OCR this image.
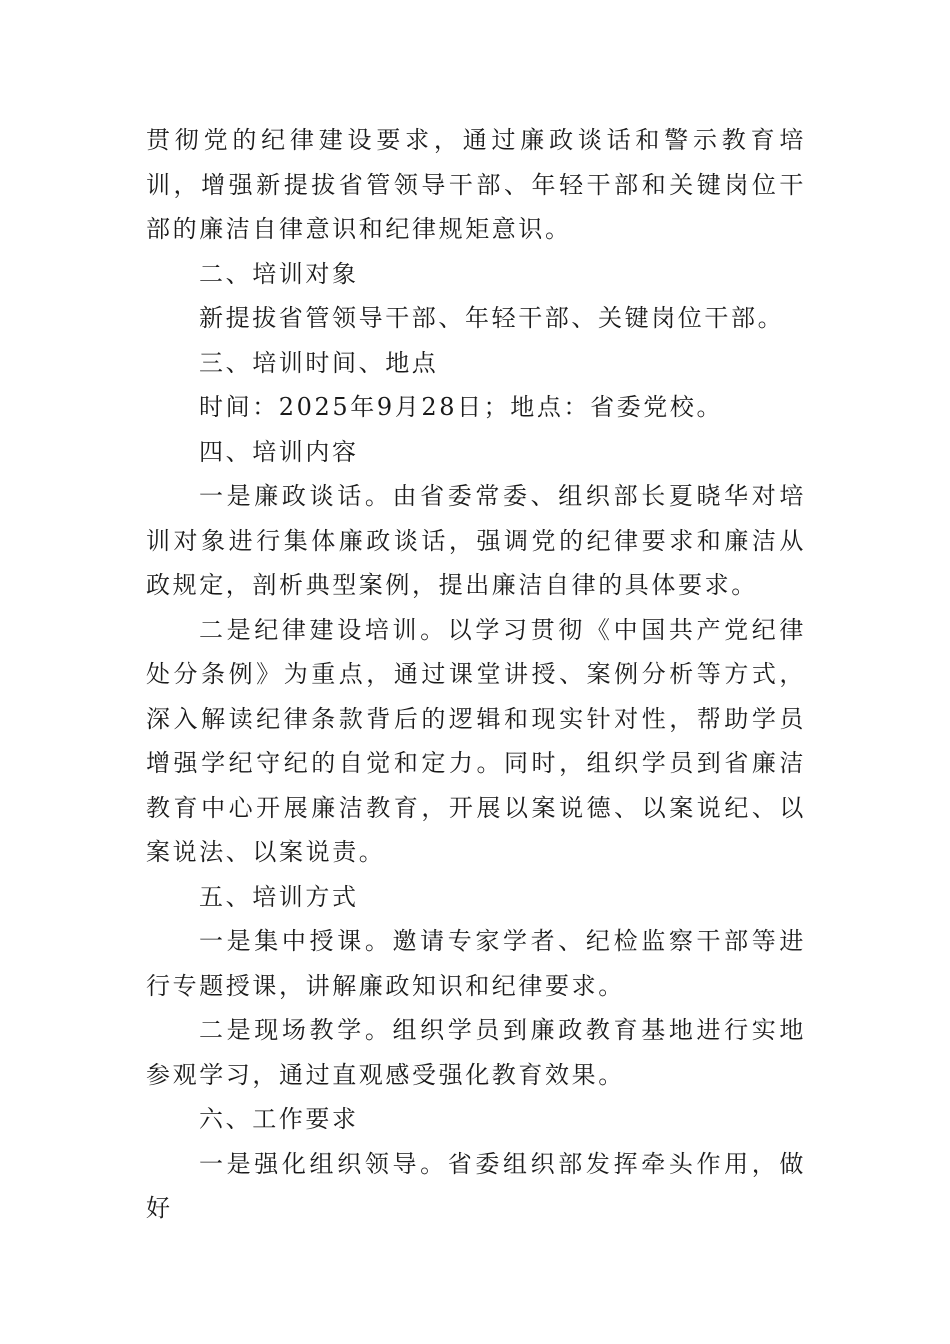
贯彻党的纪律建设要求，通过廉政谈话和警示教育培训，增强新提拔省管领导干部、年轻干部和关键岗位干部的廉洁自律意识和纪律规矩意识。

二、培训对象

新提拔省管领导干部、年轻干部、关键岗位干部。

三、培训时间、地点

时间：2025年9月28日；地点：省委党校。

四、培训内容

一是廉政谈话。由省委常委、组织部长夏晓华对培训对象进行集体廉政谈话，强调党的纪律要求和廉洁从政规定，剖析典型案例，提出廉洁自律的具体要求。

二是纪律建设培训。以学习贯彻《中国共产党纪律处分条例》为重点，通过课堂讲授、案例分析等方式，深入解读纪律条款背后的逻辑和现实针对性，帮助学员增强学纪守纪的自觉和定力。同时，组织学员到省廉洁教育中心开展廉洁教育，开展以案说德、以案说纪、以案说法、以案说责。

五、培训方式

一是集中授课。邀请专家学者、纪检监察干部等进行专题授课，讲解廉政知识和纪律要求。

二是现场教学。组织学员到廉政教育基地进行实地参观学习，通过直观感受强化教育效果。

六、工作要求

一是强化组织领导。省委组织部发挥牵头作用，做好
